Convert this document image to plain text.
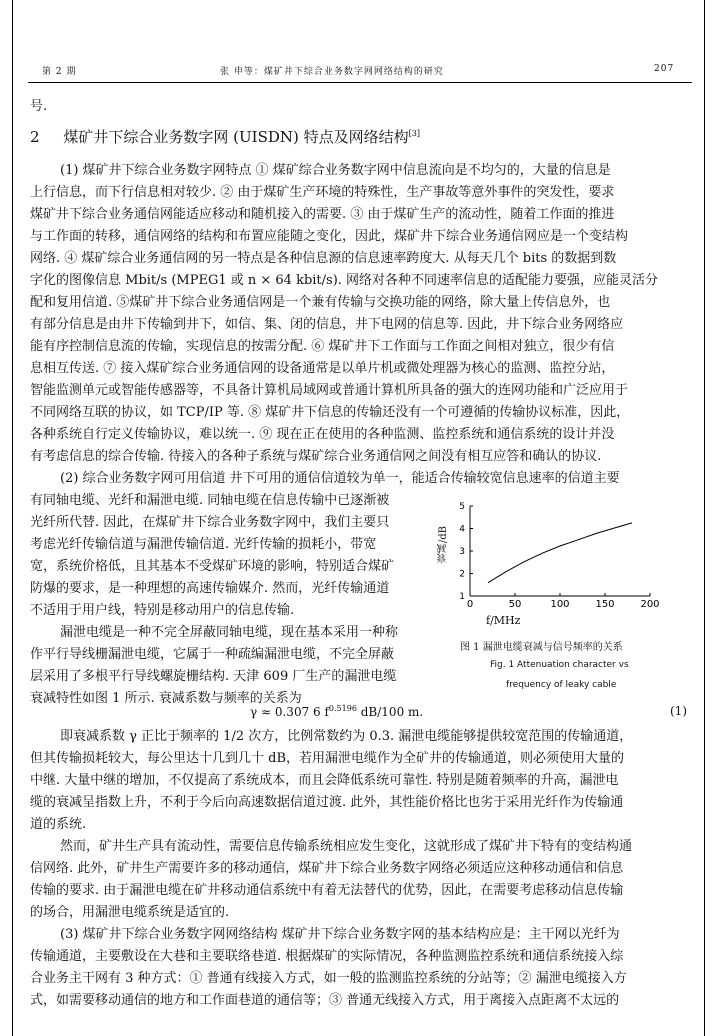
第 2 期	张 申等：煤矿井下综合业务数字网网络结构的研究	207
号.
2 煤矿井下综合业务数字网 (UISDN) 特点及网络结构[3]
(1) 煤矿井下综合业务数字网特点 ① 煤矿综合业务数字网中信息流向是不均匀的，大量的信息是
上行信息，而下行信息相对较少. ② 由于煤矿生产环境的特殊性，生产事故等意外事件的突发性，要求
煤矿井下综合业务通信网能适应移动和随机接入的需要. ③ 由于煤矿生产的流动性，随着工作面的推进
与工作面的转移，通信网络的结构和布置应能随之变化，因此，煤矿井下综合业务通信网应是一个变结构
网络. ④ 煤矿综合业务通信网的另一特点是各种信息源的信息速率跨度大. 从每天几个 bits 的数据到数
字化的图像信息 Mbit/s (MPEG1 或 n × 64 kbit/s). 网络对各种不同速率信息的适配能力要强，应能灵活分
配和复用信道. ⑤煤矿井下综合业务通信网是一个兼有传输与交换功能的网络，除大量上传信息外，也
有部分信息是由井下传输到井下，如信、集、闭的信息，井下电网的信息等. 因此，井下综合业务网络应
能有序控制信息流的传输，实现信息的按需分配. ⑥ 煤矿井下工作面与工作面之间相对独立，很少有信
息相互传送. ⑦ 接入煤矿综合业务通信网的设备通常是以单片机或微处理器为核心的监测、监控分站，
智能监测单元或智能传感器等，不具备计算机局域网或普通计算机所具备的强大的连网功能和广泛应用于
不同网络互联的协议，如 TCP/IP 等. ⑧ 煤矿井下信息的传输还没有一个可遵循的传输协议标准，因此，
各种系统自行定义传输协议，难以统一. ⑨ 现在正在使用的各种监测、监控系统和通信系统的设计并没
有考虑信息的综合传输. 待接入的各种子系统与煤矿综合业务通信网之间没有相互应答和确认的协议.
(2) 综合业务数字网可用信道 井下可用的通信信道较为单一，能适合传输较宽信息速率的信道主要
有同轴电缆、光纤和漏泄电缆. 同轴电缆在信息传输中已逐渐被
光纤所代替. 因此，在煤矿井下综合业务数字网中，我们主要只
考虑光纤传输信道与漏泄传输信道. 光纤传输的损耗小，带宽
宽，系统价格低，且其基本不受煤矿环境的影响，特别适合煤矿
防爆的要求，是一种理想的高速传输媒介. 然而，光纤传输通道
不适用于用户线，特别是移动用户的信息传输.
漏泄电缆是一种不完全屏蔽同轴电缆，现在基本采用一种称
作平行导线栅漏泄电缆，它属于一种疏编漏泄电缆，不完全屏蔽
层采用了多根平行导线螺旋栅结构. 天津 609 厂生产的漏泄电缆
衰减特性如图 1 所示. 衰减系数与频率的关系为
γ ≈ 0.307 6 $f^{0.5196}$ dB/100 m.	(1)
即衰减系数 γ 正比于频率的 1/2 次方，比例常数约为 0.3. 漏泄电缆能够提供较宽范围的传输通道，
但其传输损耗较大，每公里达十几到几十 dB，若用漏泄电缆作为全矿井的传输通道，则必须使用大量的
中继. 大量中继的增加，不仅提高了系统成本，而且会降低系统可靠性. 特别是随着频率的升高，漏泄电
缆的衰减呈指数上升，不利于今后向高速数据信道过渡. 此外，其性能价格比也劣于采用光纤作为传输通
道的系统.
然而，矿井生产具有流动性，需要信息传输系统相应发生变化，这就形成了煤矿井下特有的变结构通
信网络. 此外，矿井生产需要许多的移动通信，煤矿井下综合业务数字网络必须适应这种移动通信和信息
传输的要求. 由于漏泄电缆在矿井移动通信系统中有着无法替代的优势，因此，在需要考虑移动信息传输
的场合，用漏泄电缆系统是适宜的.
(3) 煤矿井下综合业务数字网网络结构 煤矿井下综合业务数字网的基本结构应是：主干网以光纤为
传输通道，主要敷设在大巷和主要联络巷道. 根据煤矿的实际情况，各种监测监控系统和通信系统接入综
合业务主干网有 3 种方式：① 普通有线接入方式，如一般的监测监控系统的分站等；② 漏泄电缆接入方
式，如需要移动通信的地方和工作面巷道的通信等；③ 普通无线接入方式，用于离接入点距离不太远的
0	50	100	150	200
1
2
3
4
5
f/MHz
衰减/dB
图 1 漏泄电缆衰减与信号频率的关系
Fig. 1 Attenuation character vs
frequency of leaky cable
